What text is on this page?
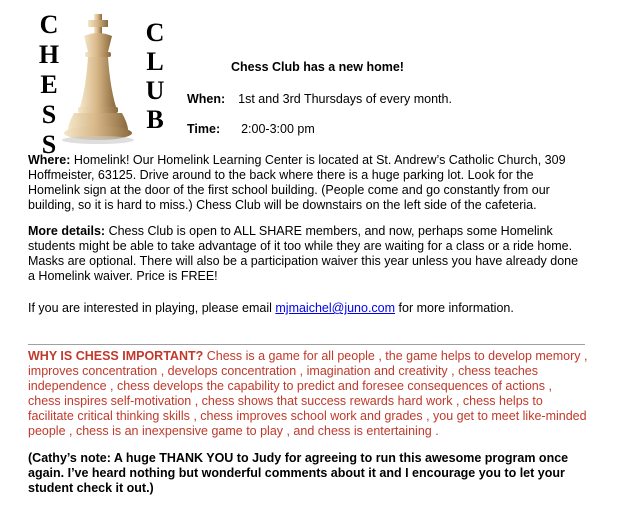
C
H
E
S
S
C
L
U
B
Chess Club has a new home!
When: 1st and 3rd Thursdays of every month.
Time: 2:00-3:00 pm

Where: Homelink! Our Homelink Learning Center is located at St. Andrew’s Catholic Church, 309 Hoffmeister, 63125. Drive around to the back where there is a huge parking lot. Look for the Homelink sign at the door of the first school building. (People come and go constantly from our building, so it is hard to miss.) Chess Club will be downstairs on the left side of the cafeteria.

More details: Chess Club is open to ALL SHARE members, and now, perhaps some Homelink students might be able to take advantage of it too while they are waiting for a class or a ride home. Masks are optional. There will also be a participation waiver this year unless you have already done a Homelink waiver. Price is FREE!

If you are interested in playing, please email mjmaichel@juno.com for more information.

WHY IS CHESS IMPORTANT? Chess is a game for all people , the game helps to develop memory , improves concentration , develops concentration , imagination and creativity , chess teaches independence , chess develops the capability to predict and foresee consequences of actions , chess inspires self-motivation , chess shows that success rewards hard work , chess helps to facilitate critical thinking skills , chess improves school work and grades , you get to meet like-minded people , chess is an inexpensive game to play , and chess is entertaining .

(Cathy’s note: A huge THANK YOU to Judy for agreeing to run this awesome program once again. I’ve heard nothing but wonderful comments about it and I encourage you to let your student check it out.)
